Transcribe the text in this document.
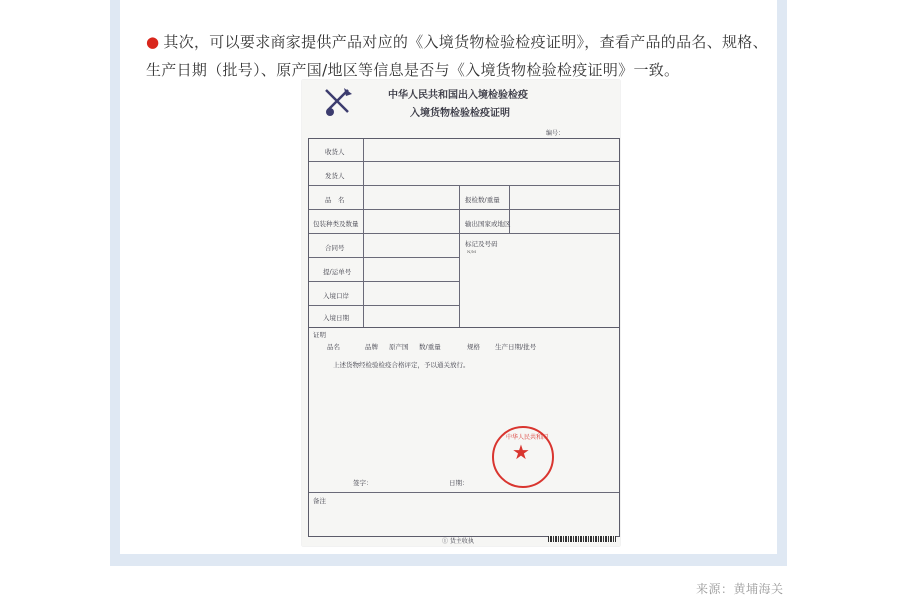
● 其次，可以要求商家提供产品对应的《入境货物检验检疫证明》，查看产品的品名、规格、生产日期（批号）、原产国/地区等信息是否与《入境货物检验检疫证明》一致。
中华人民共和国出入境检验检疫
入境货物检验检疫证明
编号：
收货人
发货人
品　名	报检数/重量
包装种类及数量	输出国家或地区
合同号	标记及号码
N/M
提/运单号
入境口岸
入境日期
证明
品名	品牌 原产国 数/重量	规格 生产日期/批号
上述货物经检验检疫合格评定，予以通关放行。
签字：	日期：
备注
★
中华人民共和国
① 货主收执
来源：黄埔海关
